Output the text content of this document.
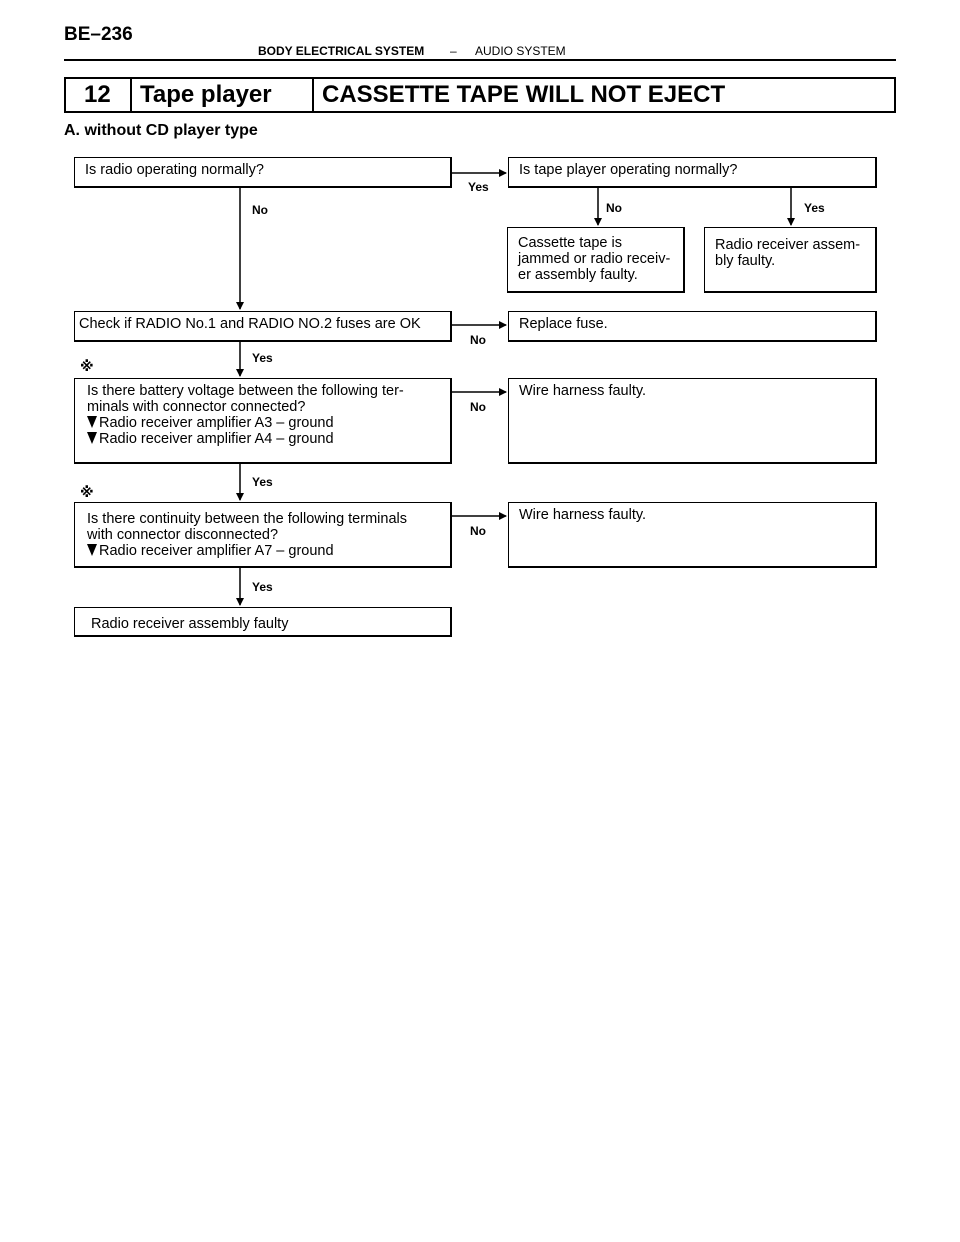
BE–236
BODY ELECTRICAL SYSTEM – AUDIO SYSTEM
12 Tape player CASSETTE TAPE WILL NOT EJECT
A. without CD player type
Yes
No	Yes
No
No
Yes
No
Yes
No
Yes
※
※
Is radio operating normally?	Is tape player operating normally?
Cassette tape is
jammed or radio receiv-
er assembly faulty.
Radio receiver assem-
bly faulty.
Check if RADIO No.1 and RADIO NO.2 fuses are OK	Replace fuse.
Is there battery voltage between the following ter-
minals with connector connected?
Radio receiver amplifier A3 – ground
Radio receiver amplifier A4 – ground
Wire harness faulty.
Is there continuity between the following terminals
with connector disconnected?
Radio receiver amplifier A7 – ground
Wire harness faulty.
Radio receiver assembly faulty
